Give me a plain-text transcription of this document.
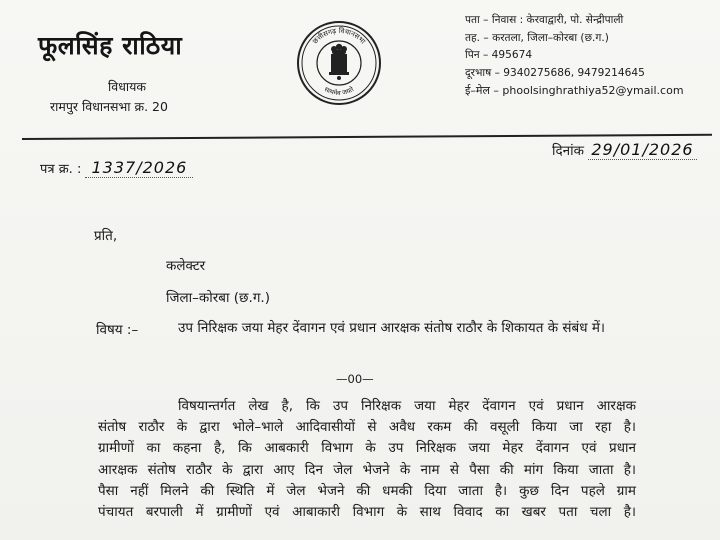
फूलसिंह राठिया
विधायक
रामपुर विधानसभा क्र. 20
छत्तीसगढ़ विधानसभा
सत्यमेव जयते
पता – निवास : केरवाद्वारी, पो. सेन्द्रीपाली
तह. – करतला, जिला–कोरबा (छ.ग.)
पिन – 495674
दूरभाष – 9340275686, 9479214645
ई–मेल – phoolsinghrathiya52@ymail.com
पत्र क्र. : 1337/2026
दिनांक 29/01/2026
प्रति,
कलेक्टर
जिला–कोरबा (छ.ग.)
विषय :–	उप निरिक्षक जया मेहर देंवागन एवं प्रधान आरक्षक संतोष राठौर के शिकायत के संबंध में।
—00—
विषयान्तर्गत लेख है, कि उप निरिक्षक जया मेहर देंवागन एवं प्रधान आरक्षक
संतोष राठौर के द्वारा भोले–भाले आदिवासीयों से अवैध रकम की वसूली किया जा रहा है।
ग्रामीणों का कहना है, कि आबकारी विभाग के उप निरिक्षक जया मेहर देंवागन एवं प्रधान
आरक्षक संतोष राठौर के द्वारा आए दिन जेल भेजने के नाम से पैसा की मांग किया जाता है।
पैसा नहीं मिलने की स्थिति में जेल भेजने की धमकी दिया जाता है। कुछ दिन पहले ग्राम
पंचायत बरपाली में ग्रामीणों एवं आबाकारी विभाग के साथ विवाद का खबर पता चला है।
